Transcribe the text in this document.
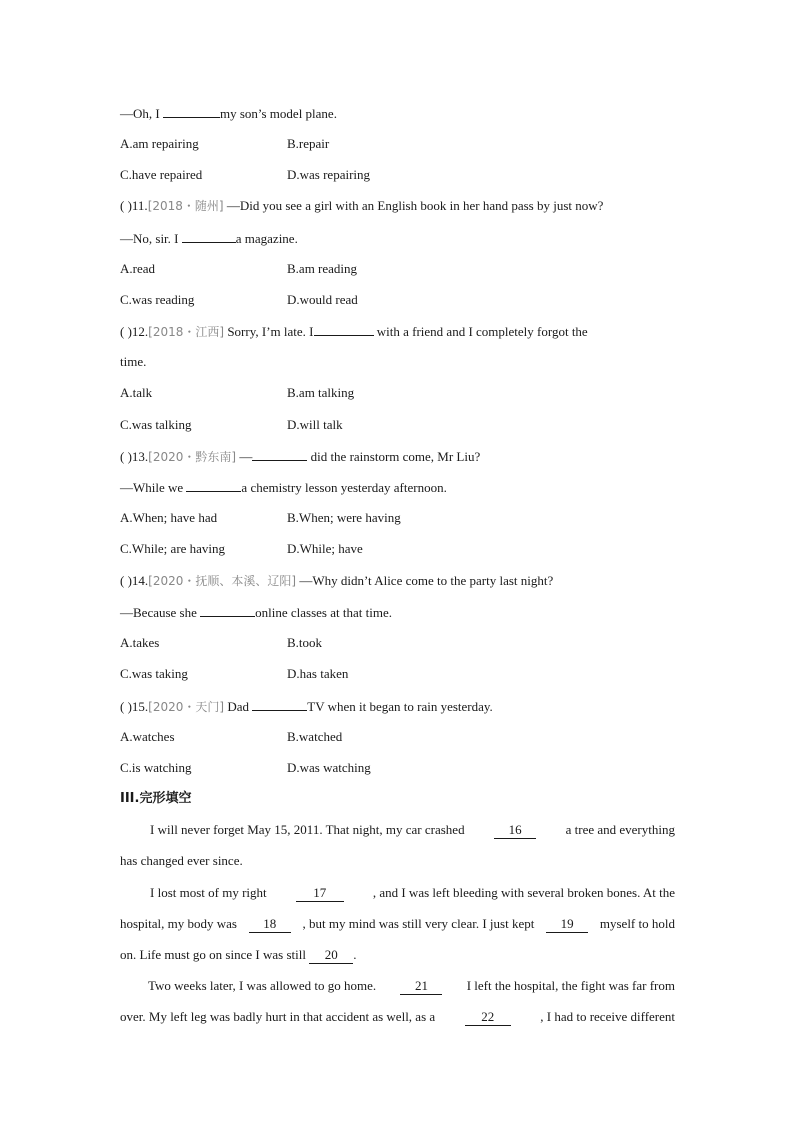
—Oh, I	my son’s model plane.
A.am repairing	B.repair
C.have repaired	D.was repairing
( )11.[2018・随州] —Did you see a girl with an English book in her hand pass by just now?
—No, sir. I	a magazine.
A.read	B.am reading
C.was reading	D.would read
( )12.[2018・江西] Sorry, I’m late. I	with a friend and I completely forgot the
time.
A.talk	B.am talking
C.was talking	D.will talk
( )13.[2020・黔东南] —	did the rainstorm come, Mr Liu?
—While we	a chemistry lesson yesterday afternoon.
A.When; have had	B.When; were having
C.While; are having	D.While; have
( )14.[2020・抚顺、本溪、辽阳] —Why didn’t Alice come to the party last night?
—Because she	online classes at that time.
A.takes	B.took
C.was taking	D.has taken
( )15.[2020・天门] Dad	TV when it began to rain yesterday.
A.watches	B.watched
C.is watching	D.was watching
III.完形填空
I will never forget May 15, 2011. That night, my car crashed	16	a tree and everything
has changed ever since.
I lost most of my right	17	, and I was left bleeding with several broken bones. At the
hospital, my body was	18	, but my mind was still very clear. I just kept	19	myself to hold
on. Life must go on since I was still 20 .
Two weeks later, I was allowed to go home.	21	I left the hospital, the fight was far from
over. My left leg was badly hurt in that accident as well, as a	22	, I had to receive different
